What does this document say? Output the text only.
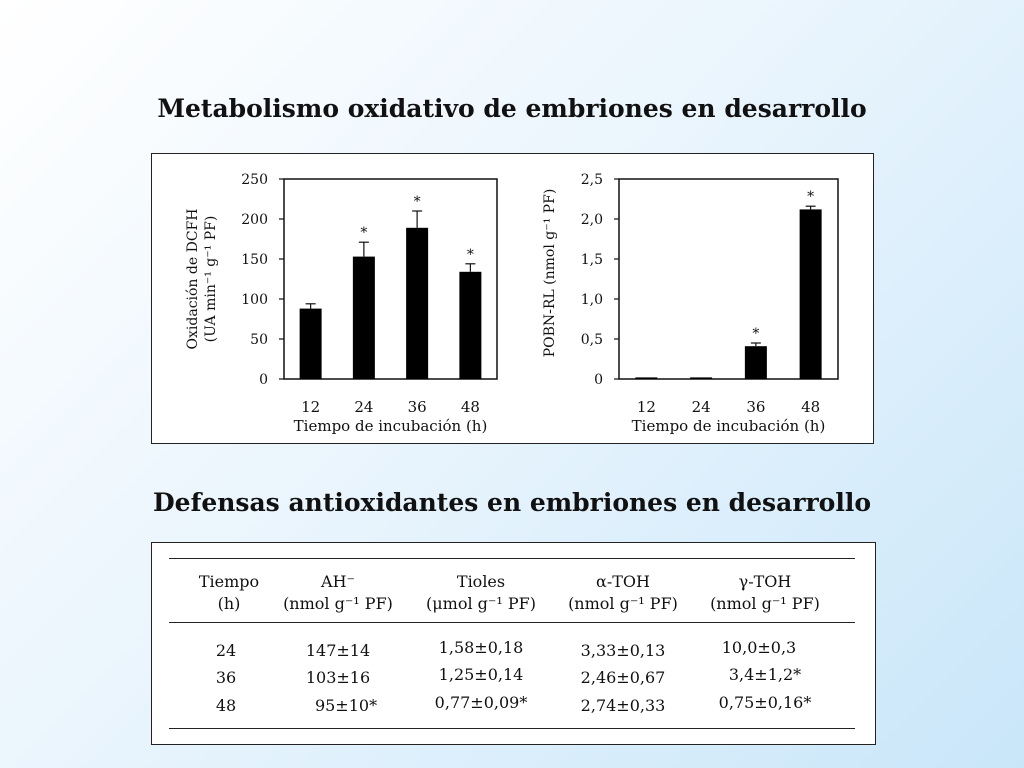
Metabolismo oxidativo de embriones en desarrollo
0
50
100
150
200
250
12
*
24
*
36
*
48
Tiempo de incubación (h)
Oxidación de DCFH (UA min⁻¹ g⁻¹ PF)
0
0,5
1,0
1,5
2,0
2,5
12 24
*
36
*
48
Tiempo de incubación (h)
POBN-RL (nmol g⁻¹ PF)
Defensas antioxidantes en embriones en desarrollo
Tiempo
(h)
AH⁻
(nmol g⁻¹ PF)
Tioles
(μmol g⁻¹ PF)
α-TOH
(nmol g⁻¹ PF)
γ-TOH
(nmol g⁻¹ PF)
24	147±14	1,58±0,18	3,33±0,13	10,0±0,3
36	103±16	1,25±0,14	2,46±0,67	3,4±1,2*
48	95±10*	0,77±0,09*	2,74±0,33	0,75±0,16*
